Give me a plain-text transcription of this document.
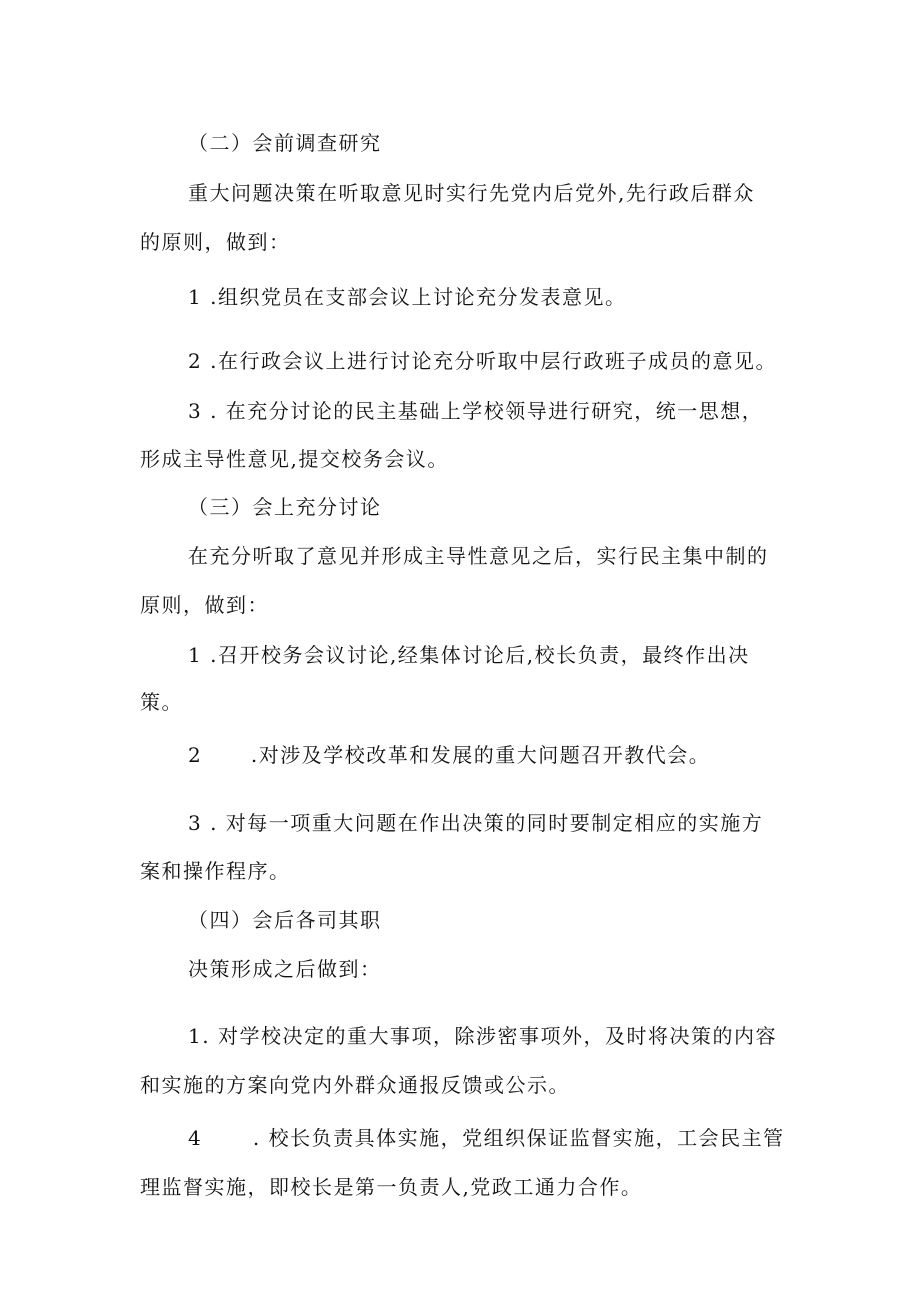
（二）会前调查研究
重大问题决策在听取意见时实行先党内后党外,先行政后群众
的原则，做到：
1 .组织党员在支部会议上讨论充分发表意见。
2 .在行政会议上进行讨论充分听取中层行政班子成员的意见。
3 . 在充分讨论的民主基础上学校领导进行研究，统一思想，
形成主导性意见,提交校务会议。
（三）会上充分讨论
在充分听取了意见并形成主导性意见之后，实行民主集中制的
原则，做到：
1 .召开校务会议讨论,经集体讨论后,校长负责，最终作出决
策。
2 .对涉及学校改革和发展的重大问题召开教代会。
3 . 对每一项重大问题在作出决策的同时要制定相应的实施方
案和操作程序。
（四）会后各司其职
决策形成之后做到：
1. 对学校决定的重大事项，除涉密事项外，及时将决策的内容
和实施的方案向党内外群众通报反馈或公示。
4	. 校长负责具体实施，党组织保证监督实施，工会民主管
理监督实施，即校长是第一负责人,党政工通力合作。
